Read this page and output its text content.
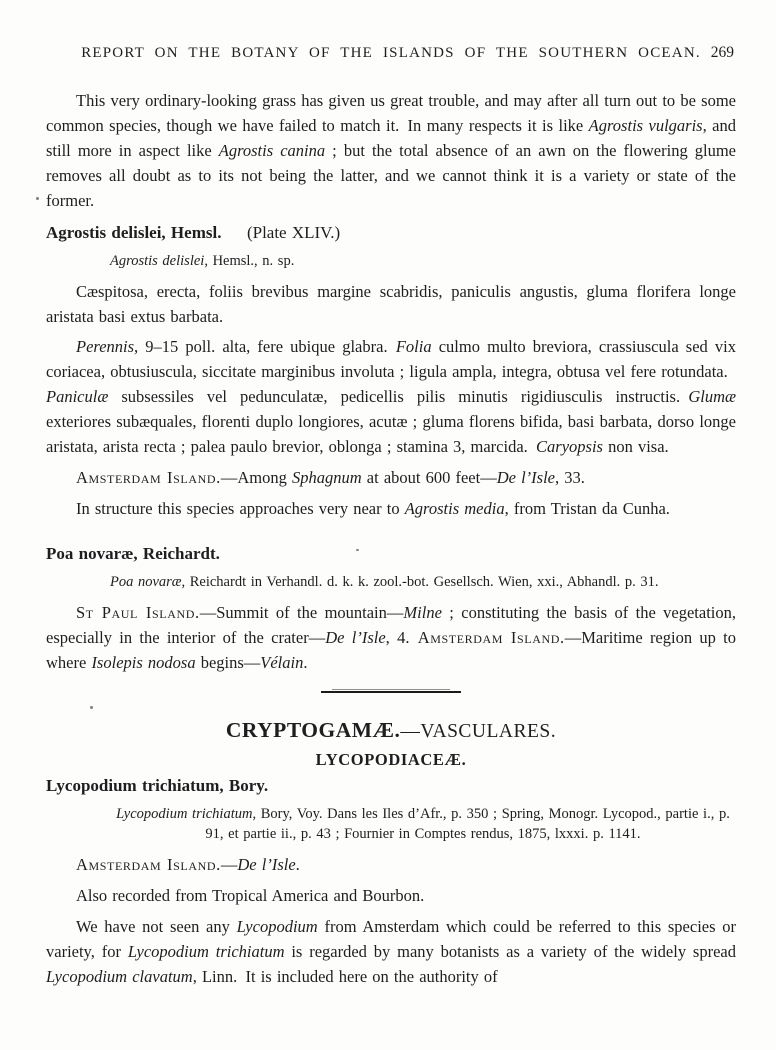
REPORT ON THE BOTANY OF THE ISLANDS OF THE SOUTHERN OCEAN. 269

This very ordinary-looking grass has given us great trouble, and may after all turn out to be some common species, though we have failed to match it. In many respects it is like Agrostis vulgaris, and still more in aspect like Agrostis canina ; but the total absence of an awn on the flowering glume removes all doubt as to its not being the latter, and we cannot think it is a variety or state of the former.

Agrostis delislei, Hemsl.  (Plate XLIV.)

Agrostis delislei, Hemsl., n. sp.

Cæspitosa, erecta, foliis brevibus margine scabridis, paniculis angustis, gluma florifera longe aristata basi extus barbata.

Perennis, 9–15 poll. alta, fere ubique glabra. Folia culmo multo breviora, crassiuscula sed vix coriacea, obtusiuscula, siccitate marginibus involuta ; ligula ampla, integra, obtusa vel fere rotundata. Paniculæ subsessiles vel pedunculatæ, pedicellis pilis minutis rigidiusculis instructis. Glumæ exteriores subæquales, florenti duplo longiores, acutæ ; gluma florens bifida, basi barbata, dorso longe aristata, arista recta ; palea paulo brevior, oblonga ; stamina 3, marcida. Caryopsis non visa.

Amsterdam Island.—Among Sphagnum at about 600 feet—De l’Isle, 33.

In structure this species approaches very near to Agrostis media, from Tristan da Cunha.

Poa novaræ, Reichardt.

Poa novaræ, Reichardt in Verhandl. d. k. k. zool.-bot. Gesellsch. Wien, xxi., Abhandl. p. 31.

St Paul Island.—Summit of the mountain—Milne ; constituting the basis of the vegetation, especially in the interior of the crater—De l’Isle, 4. Amsterdam Island.—Maritime region up to where Isolepis nodosa begins—Vélain.

CRYPTOGAMÆ.—VASCULARES.

LYCOPODIACEÆ.

Lycopodium trichiatum, Bory.

Lycopodium trichiatum, Bory, Voy. Dans les Iles d’Afr., p. 350 ; Spring, Monogr. Lycopod., partie i., p. 91, et partie ii., p. 43 ; Fournier in Comptes rendus, 1875, lxxxi. p. 1141.

Amsterdam Island.—De l’Isle.

Also recorded from Tropical America and Bourbon.

We have not seen any Lycopodium from Amsterdam which could be referred to this species or variety, for Lycopodium trichiatum is regarded by many botanists as a variety of the widely spread Lycopodium clavatum, Linn. It is included here on the authority of
